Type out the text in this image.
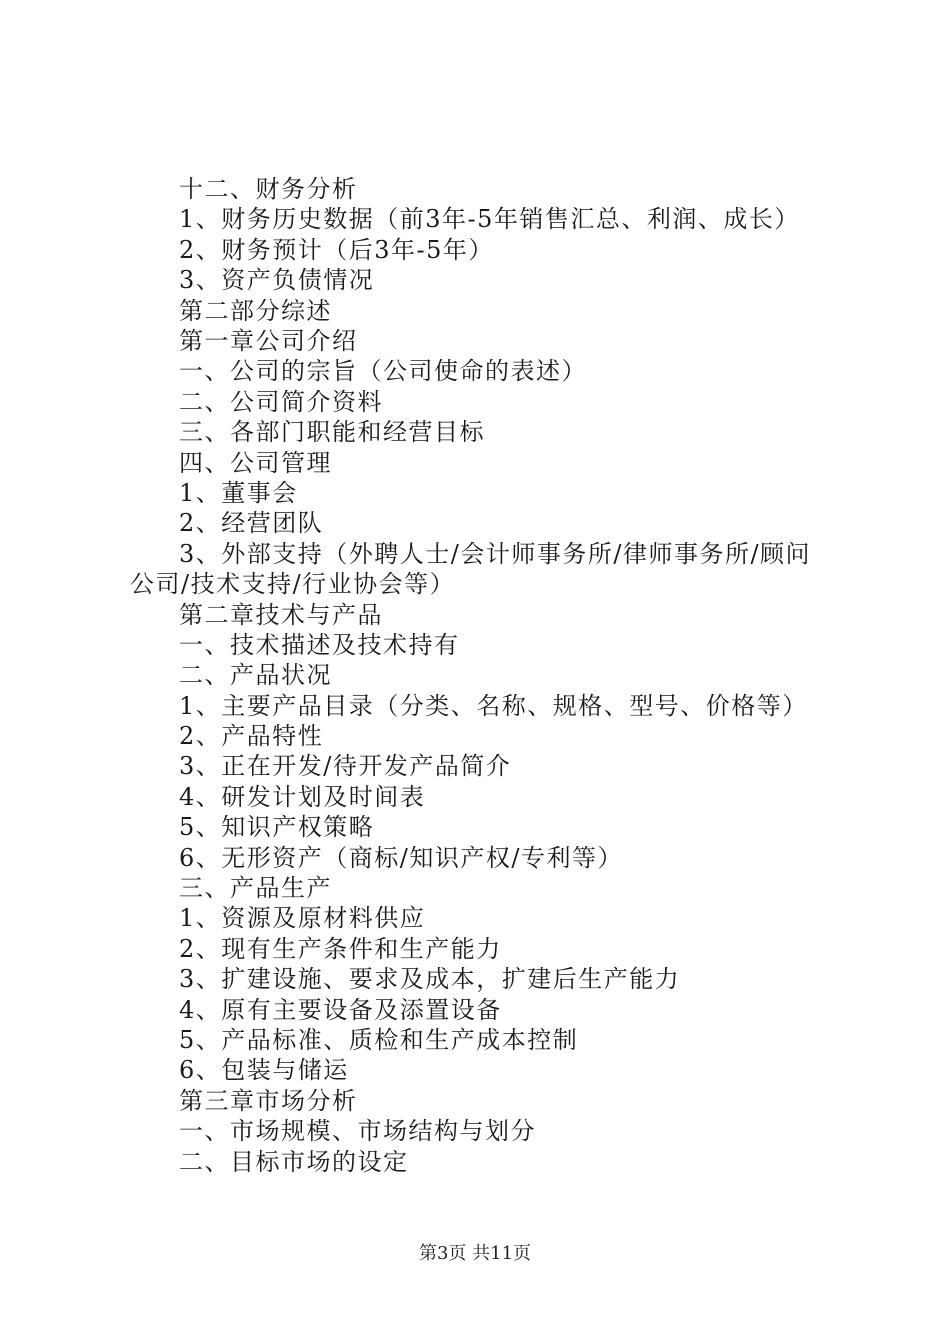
十二、财务分析
1、财务历史数据（前3年-5年销售汇总、利润、成长）
2、财务预计（后3年-5年）
3、资产负债情况
第二部分综述
第一章公司介绍
一、公司的宗旨（公司使命的表述）
二、公司简介资料
三、各部门职能和经营目标
四、公司管理
1、董事会
2、经营团队
3、外部支持（外聘人士/会计师事务所/律师事务所/顾问公司/技术支持/行业协会等）
第二章技术与产品
一、技术描述及技术持有
二、产品状况
1、主要产品目录（分类、名称、规格、型号、价格等）
2、产品特性
3、正在开发/待开发产品简介
4、研发计划及时间表
5、知识产权策略
6、无形资产（商标/知识产权/专利等）
三、产品生产
1、资源及原材料供应
2、现有生产条件和生产能力
3、扩建设施、要求及成本，扩建后生产能力
4、原有主要设备及添置设备
5、产品标准、质检和生产成本控制
6、包装与储运
第三章市场分析
一、市场规模、市场结构与划分
二、目标市场的设定
第3页 共11页
